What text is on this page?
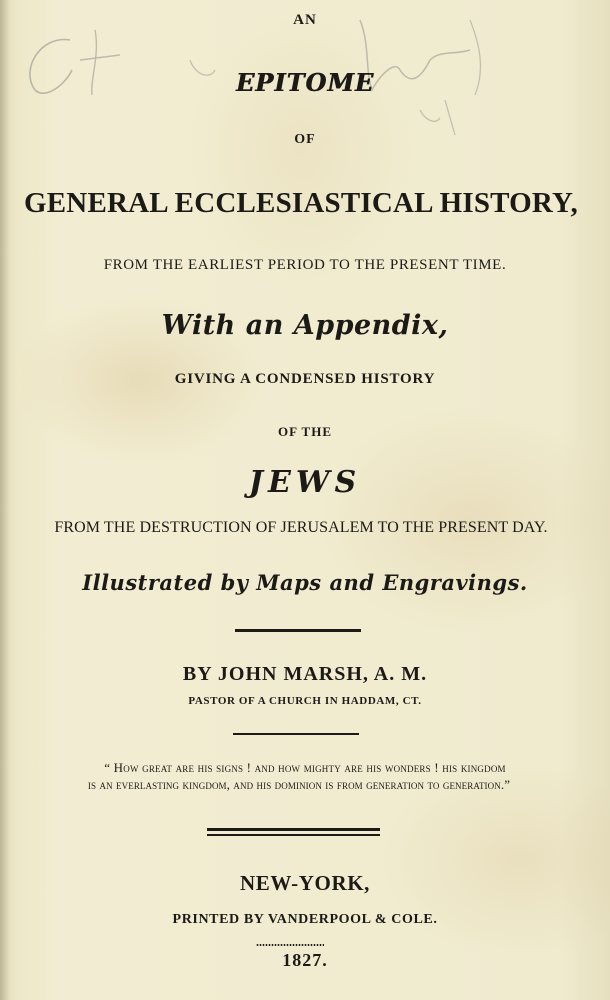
AN
EPITOME
OF
GENERAL ECCLESIASTICAL HISTORY,
FROM THE EARLIEST PERIOD TO THE PRESENT TIME.
With an Appendix,
GIVING A CONDENSED HISTORY
OF THE
JEWS
FROM THE DESTRUCTION OF JERUSALEM TO THE PRESENT DAY.
Illustrated by Maps and Engravings.
BY JOHN MARSH, A. M.
PASTOR OF A CHURCH IN HADDAM, CT.
“ How great are his signs ! and how mighty are his wonders ! his kingdom
is an everlasting kingdom, and his dominion is from generation to generation.”
NEW-YORK,
PRINTED BY VANDERPOOL & COLE.
1827.
